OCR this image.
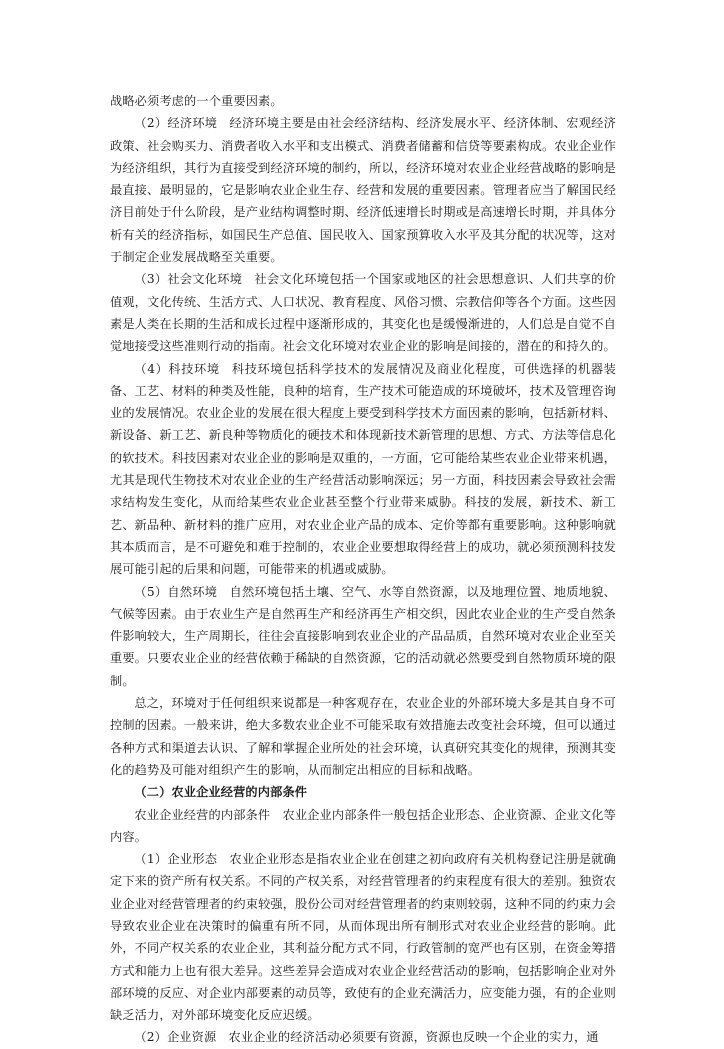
战略必须考虑的一个重要因素。

（2）经济环境 经济环境主要是由社会经济结构、经济发展水平、经济体制、宏观经济政策、社会购买力、消费者收入水平和支出模式、消费者储蓄和信贷等要素构成。农业企业作为经济组织，其行为直接受到经济环境的制约，所以，经济环境对农业企业经营战略的影响是最直接、最明显的，它是影响农业企业生存、经营和发展的重要因素。管理者应当了解国民经济目前处于什么阶段，是产业结构调整时期、经济低速增长时期或是高速增长时期，并具体分析有关的经济指标，如国民生产总值、国民收入、国家预算收入水平及其分配的状况等，这对于制定企业发展战略至关重要。

（3）社会文化环境 社会文化环境包括一个国家或地区的社会思想意识、人们共享的价值观，文化传统、生活方式、人口状况、教育程度、风俗习惯、宗教信仰等各个方面。这些因素是人类在长期的生活和成长过程中逐渐形成的，其变化也是缓慢渐进的，人们总是自觉不自觉地接受这些准则行动的指南。社会文化环境对农业企业的影响是间接的，潜在的和持久的。

（4）科技环境 科技环境包括科学技术的发展情况及商业化程度，可供选择的机器装备、工艺、材料的种类及性能，良种的培育，生产技术可能造成的环境破坏，技术及管理咨询业的发展情况。农业企业的发展在很大程度上要受到科学技术方面因素的影响，包括新材料、新设备、新工艺、新良种等物质化的硬技术和体现新技术新管理的思想、方式、方法等信息化的软技术。科技因素对农业企业的影响是双重的，一方面，它可能给某些农业企业带来机遇，尤其是现代生物技术对农业企业的生产经营活动影响深远；另一方面，科技因素会导致社会需求结构发生变化，从而给某些农业企业甚至整个行业带来威胁。科技的发展，新技术、新工艺、新品种、新材料的推广应用，对农业企业产品的成本、定价等都有重要影响。这种影响就其本质而言，是不可避免和难于控制的，农业企业要想取得经营上的成功，就必须预测科技发展可能引起的后果和问题，可能带来的机遇或威胁。

（5）自然环境 自然环境包括土壤、空气、水等自然资源，以及地理位置、地质地貌、气候等因素。由于农业生产是自然再生产和经济再生产相交织，因此农业企业的生产受自然条件影响较大，生产周期长，往往会直接影响到农业企业的产品品质，自然环境对农业企业至关重要。只要农业企业的经营依赖于稀缺的自然资源，它的活动就必然要受到自然物质环境的限制。

总之，环境对于任何组织来说都是一种客观存在，农业企业的外部环境大多是其自身不可控制的因素。一般来讲，绝大多数农业企业不可能采取有效措施去改变社会环境，但可以通过各种方式和渠道去认识、了解和掌握企业所处的社会环境，认真研究其变化的规律，预测其变化的趋势及可能对组织产生的影响，从而制定出相应的目标和战略。

（二）农业企业经营的内部条件

农业企业经营的内部条件 农业企业内部条件一般包括企业形态、企业资源、企业文化等内容。

（1）企业形态 农业企业形态是指农业企业在创建之初向政府有关机构登记注册是就确定下来的资产所有权关系。不同的产权关系，对经营管理者的约束程度有很大的差别。独资农业企业对经营管理者的约束较强，股份公司对经营管理者的约束则较弱，这种不同的约束力会导致农业企业在决策时的偏重有所不同，从而体现出所有制形式对农业企业经营的影响。此外，不同产权关系的农业企业，其利益分配方式不同，行政管制的宽严也有区别，在资金筹措方式和能力上也有很大差异。这些差异会造成对农业企业经营活动的影响，包括影响企业对外部环境的反应、对企业内部要素的动员等，致使有的企业充满活力，应变能力强，有的企业则缺乏活力，对外部环境变化反应迟缓。

（2）企业资源 农业企业的经济活动必须要有资源，资源也反映一个企业的实力，通
